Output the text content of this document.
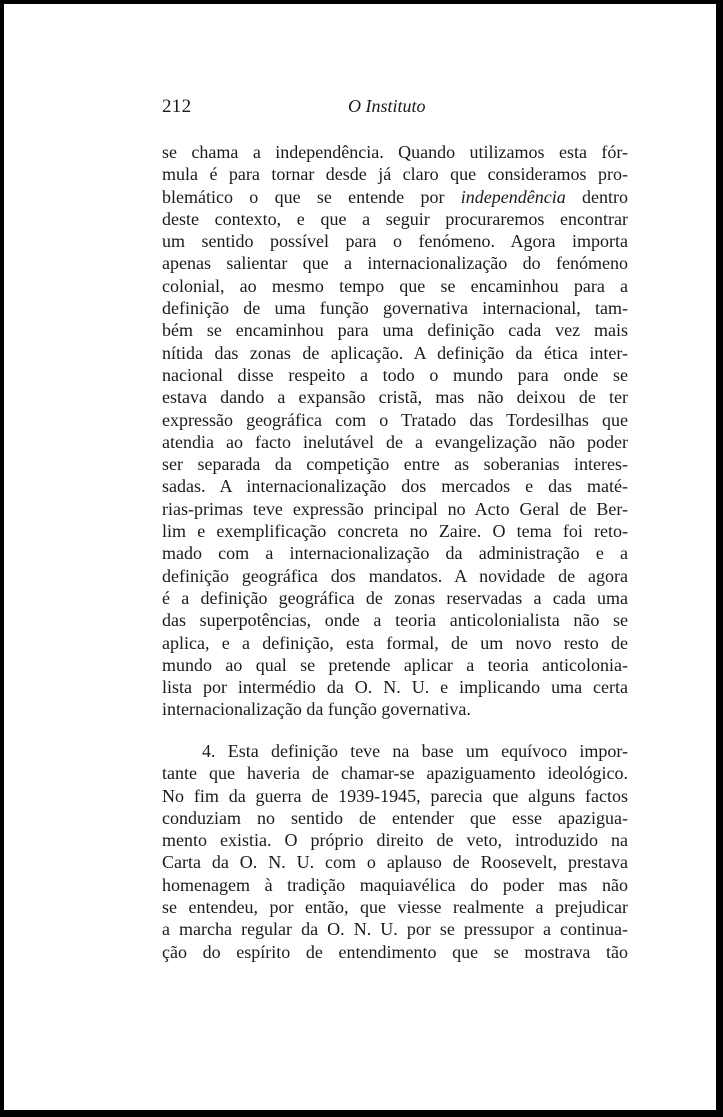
212	O Instituto
se chama a independência. Quando utilizamos esta fór-
mula é para tornar desde já claro que consideramos pro-
blemático o que se entende por independência dentro
deste contexto, e que a seguir procuraremos encontrar
um sentido possível para o fenómeno. Agora importa
apenas salientar que a internacionalização do fenómeno
colonial, ao mesmo tempo que se encaminhou para a
definição de uma função governativa internacional, tam-
bém se encaminhou para uma definição cada vez mais
nítida das zonas de aplicação. A definição da ética inter-
nacional disse respeito a todo o mundo para onde se
estava dando a expansão cristã, mas não deixou de ter
expressão geográfica com o Tratado das Tordesilhas que
atendia ao facto inelutável de a evangelização não poder
ser separada da competição entre as soberanias interes-
sadas. A internacionalização dos mercados e das maté-
rias-primas teve expressão principal no Acto Geral de Ber-
lim e exemplificação concreta no Zaire. O tema foi reto-
mado com a internacionalização da administração e a
definição geográfica dos mandatos. A novidade de agora
é a definição geográfica de zonas reservadas a cada uma
das superpotências, onde a teoria anticolonialista não se
aplica, e a definição, esta formal, de um novo resto de
mundo ao qual se pretende aplicar a teoria anticolonia-
lista por intermédio da O. N. U. e implicando uma certa
internacionalização da função governativa.
4. Esta definição teve na base um equívoco impor-
tante que haveria de chamar-se apaziguamento ideológico.
No fim da guerra de 1939-1945, parecia que alguns factos
conduziam no sentido de entender que esse apazigua-
mento existia. O próprio direito de veto, introduzido na
Carta da O. N. U. com o aplauso de Roosevelt, prestava
homenagem à tradição maquiavélica do poder mas não
se entendeu, por então, que viesse realmente a prejudicar
a marcha regular da O. N. U. por se pressupor a continua-
ção do espírito de entendimento que se mostrava tão
